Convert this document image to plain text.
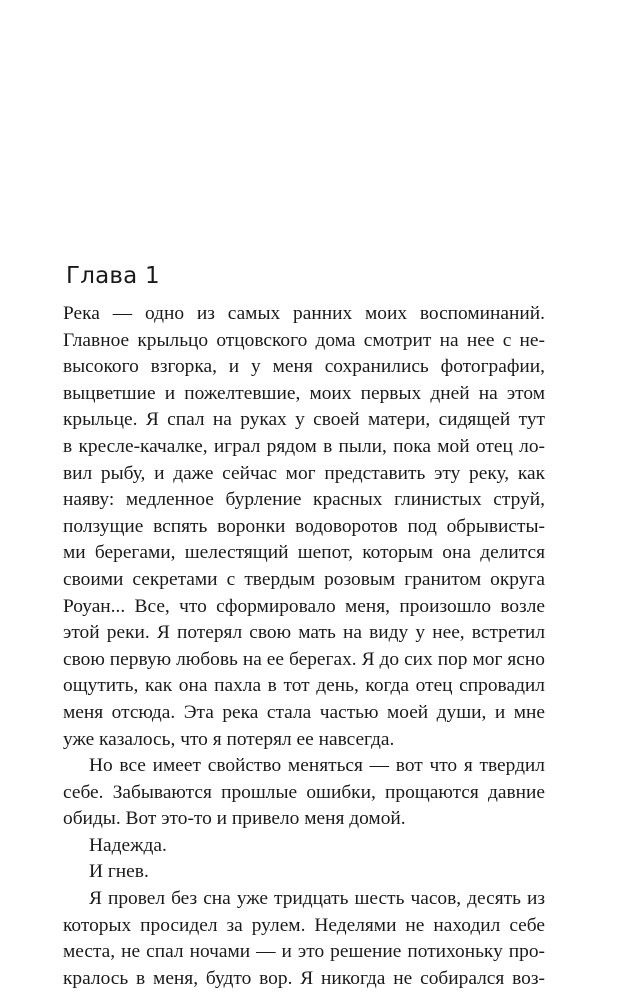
Глава 1
Река — одно из самых ранних моих воспоминаний.
Главное крыльцо отцовского дома смотрит на нее с не-
высокого взгорка, и у меня сохранились фотографии,
выцветшие и пожелтевшие, моих первых дней на этом
крыльце. Я спал на руках у своей матери, сидящей тут
в кресле-качалке, играл рядом в пыли, пока мой отец ло-
вил рыбу, и даже сейчас мог представить эту реку, как
наяву: медленное бурление красных глинистых струй,
ползущие вспять воронки водоворотов под обрывисты-
ми берегами, шелестящий шепот, которым она делится
своими секретами с твердым розовым гранитом округа
Роуан... Все, что сформировало меня, произошло возле
этой реки. Я потерял свою мать на виду у нее, встретил
свою первую любовь на ее берегах. Я до сих пор мог ясно
ощутить, как она пахла в тот день, когда отец спровадил
меня отсюда. Эта река стала частью моей души, и мне
уже казалось, что я потерял ее навсегда.
Но все имеет свойство меняться — вот что я твердил
себе. Забываются прошлые ошибки, прощаются давние
обиды. Вот это-то и привело меня домой.
Надежда.
И гнев.
Я провел без сна уже тридцать шесть часов, десять из
которых просидел за рулем. Неделями не находил себе
места, не спал ночами — и это решение потихоньку про-
кралось в меня, будто вор. Я никогда не собирался воз-
